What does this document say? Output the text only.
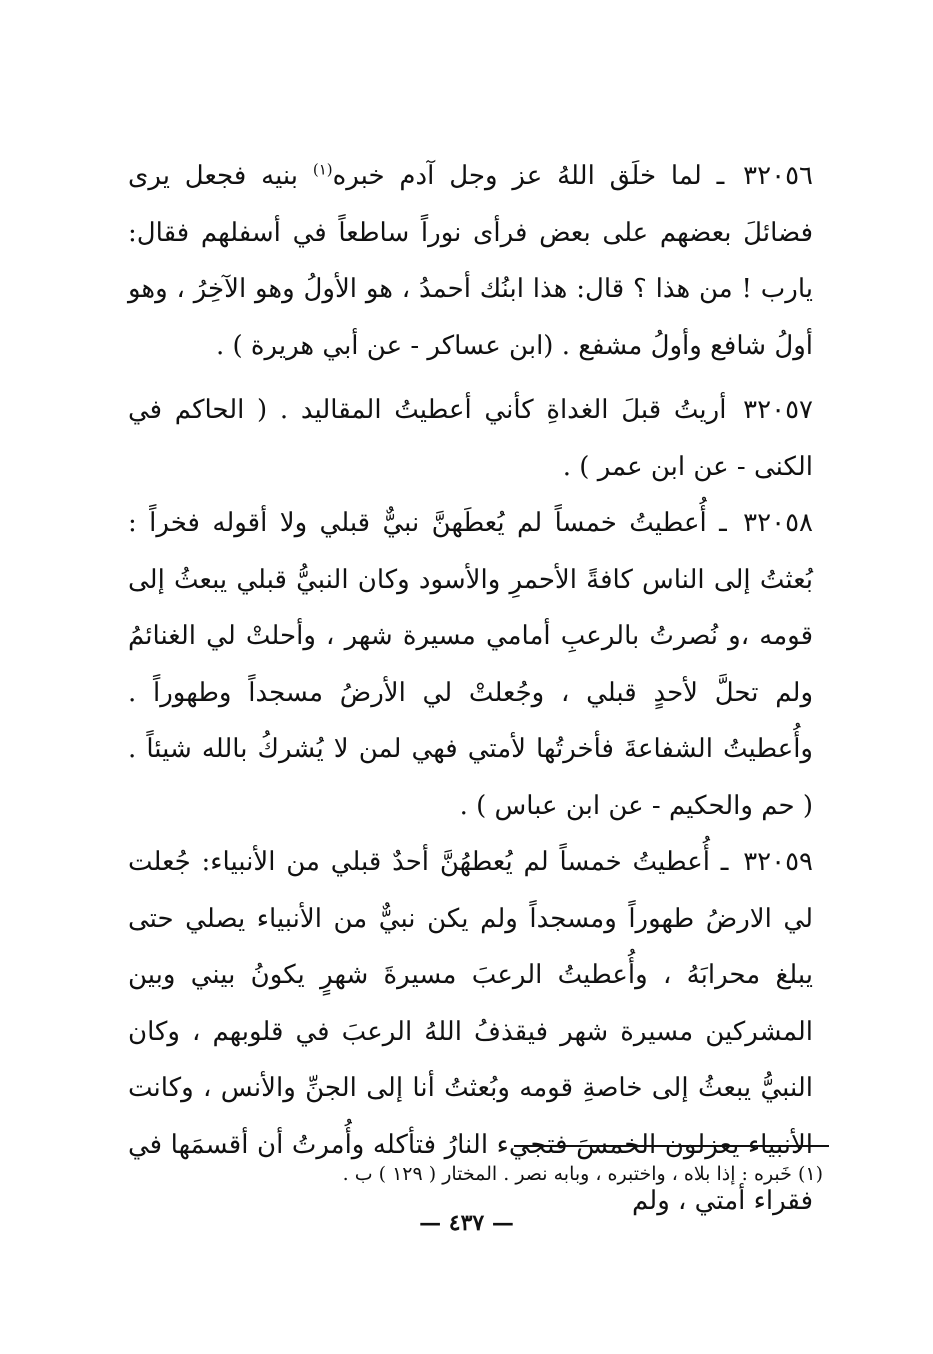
٣٢٠٥٦ ـ لما خلَق اللهُ عز وجل آدم خبره$^{(١)}$ بنيه فجعل يرى فضائلَ بعضهم على بعض فرأى نوراً ساطعاً في أسفلهم فقال: يارب ! من هذا ؟ قال: هذا ابنُك أحمدُ ، هو الأولُ وهو الآخِرُ ، وهو أولُ شافع وأولُ مشفع . (ابن عساكر - عن أبي هريرة ) .

٣٢٠٥٧ أريتُ قبلَ الغداةِ كأني أعطيتُ المقاليد . ( الحاكم في الكنى - عن ابن عمر ) .

٣٢٠٥٨ ـ أُعطيتُ خمساً لم يُعطَهنَّ نبيٌّ قبلي ولا أقوله فخراً : بُعثتُ إلى الناس كافةً الأحمرِ والأسود وكان النبيُّ قبلي يبعثُ إلى قومه ،و نُصرتُ بالرعبِ أمامي مسيرة شهر ، وأحلتْ لي الغنائمُ ولم تحلَّ لأحدٍ قبلي ، وجُعلتْ لي الأرضُ مسجداً وطهوراً . وأُعطيتُ الشفاعةَ فأخرتُها لأمتي فهي لمن لا يُشركُ بالله شيئاً . ( حم والحكيم - عن ابن عباس ) .

٣٢٠٥٩ ـ أُعطيتُ خمساً لم يُعطهُنَّ أحدٌ قبلي من الأنبياء: جُعلت لي الارضُ طهوراً ومسجداً ولم يكن نبيٌّ من الأنبياء يصلي حتى يبلغ محرابَهُ ، وأُعطيتُ الرعبَ مسيرةَ شهرٍ يكونُ بيني وبين المشركين مسيرة شهر فيقذفُ اللهُ الرعبَ في قلوبهم ، وكان النبيُّ يبعثُ إلى خاصةِ قومه وبُعثتُ أنا إلى الجنِّ والأنس ، وكانت الأنبياء يعزلون الخمسَ فتجيء النارُ فتأكله وأُمرتُ أن أقسمَها في فقراء أمتي ، ولم

(١) خَبره : إذا بلاه ، واختبره ، وبابه نصر . المختار ( ١٢٩ ) ب .
— ٤٣٧ —
